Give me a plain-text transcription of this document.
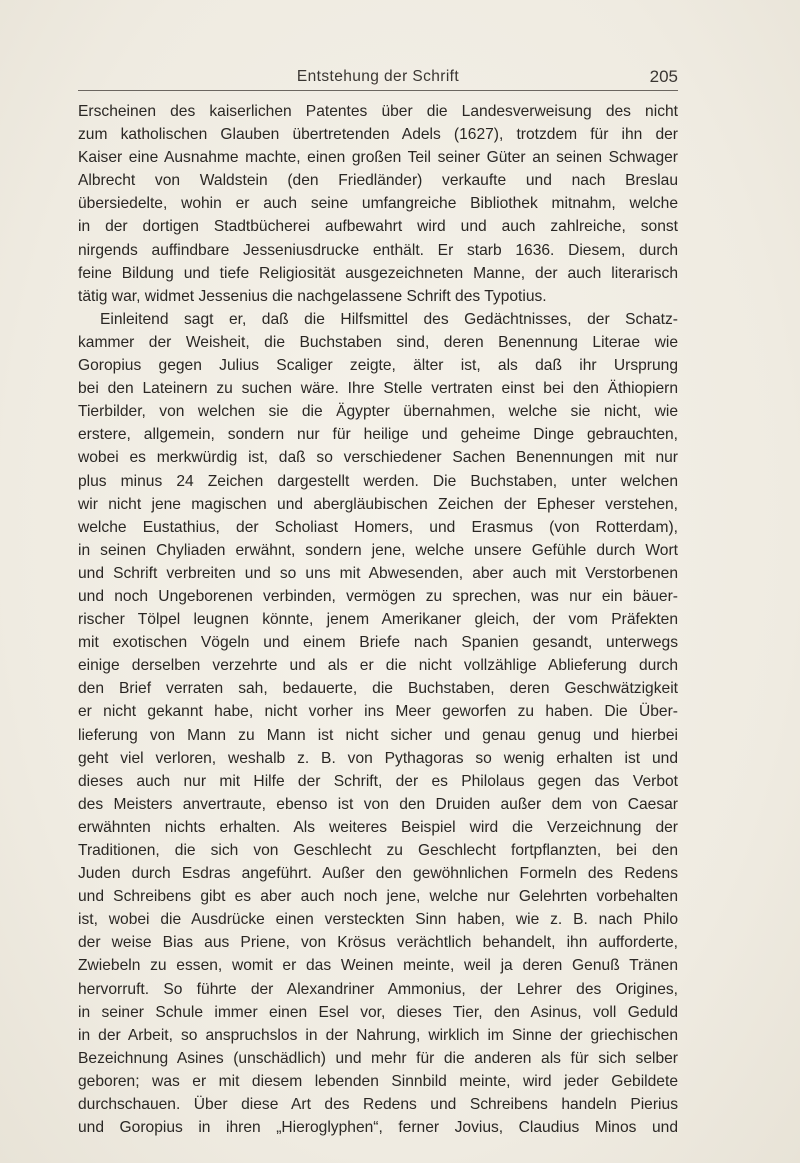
Entstehung der Schrift	205
Erscheinen des kaiserlichen Patentes über die Landesverweisung des nicht
zum katholischen Glauben übertretenden Adels (1627), trotzdem für ihn der
Kaiser eine Ausnahme machte, einen großen Teil seiner Güter an seinen Schwager
Albrecht von Waldstein (den Friedländer) verkaufte und nach Breslau
übersiedelte, wohin er auch seine umfangreiche Bibliothek mitnahm, welche
in der dortigen Stadtbücherei aufbewahrt wird und auch zahlreiche, sonst
nirgends auffindbare Jesseniusdrucke enthält. Er starb 1636. Diesem, durch
feine Bildung und tiefe Religiosität ausgezeichneten Manne, der auch literarisch
tätig war, widmet Jessenius die nachgelassene Schrift des Typotius.
Einleitend sagt er, daß die Hilfsmittel des Gedächtnisses, der Schatz-
kammer der Weisheit, die Buchstaben sind, deren Benennung Literae wie
Goropius gegen Julius Scaliger zeigte, älter ist, als daß ihr Ursprung
bei den Lateinern zu suchen wäre. Ihre Stelle vertraten einst bei den Äthiopiern
Tierbilder, von welchen sie die Ägypter übernahmen, welche sie nicht, wie
erstere, allgemein, sondern nur für heilige und geheime Dinge gebrauchten,
wobei es merkwürdig ist, daß so verschiedener Sachen Benennungen mit nur
plus minus 24 Zeichen dargestellt werden. Die Buchstaben, unter welchen
wir nicht jene magischen und abergläubischen Zeichen der Epheser verstehen,
welche Eustathius, der Scholiast Homers, und Erasmus (von Rotterdam),
in seinen Chyliaden erwähnt, sondern jene, welche unsere Gefühle durch Wort
und Schrift verbreiten und so uns mit Abwesenden, aber auch mit Verstorbenen
und noch Ungeborenen verbinden, vermögen zu sprechen, was nur ein bäuer-
rischer Tölpel leugnen könnte, jenem Amerikaner gleich, der vom Präfekten
mit exotischen Vögeln und einem Briefe nach Spanien gesandt, unterwegs
einige derselben verzehrte und als er die nicht vollzählige Ablieferung durch
den Brief verraten sah, bedauerte, die Buchstaben, deren Geschwätzigkeit
er nicht gekannt habe, nicht vorher ins Meer geworfen zu haben. Die Über-
lieferung von Mann zu Mann ist nicht sicher und genau genug und hierbei
geht viel verloren, weshalb z. B. von Pythagoras so wenig erhalten ist und
dieses auch nur mit Hilfe der Schrift, der es Philolaus gegen das Verbot
des Meisters anvertraute, ebenso ist von den Druiden außer dem von Caesar
erwähnten nichts erhalten. Als weiteres Beispiel wird die Verzeichnung der
Traditionen, die sich von Geschlecht zu Geschlecht fortpflanzten, bei den
Juden durch Esdras angeführt. Außer den gewöhnlichen Formeln des Redens
und Schreibens gibt es aber auch noch jene, welche nur Gelehrten vorbehalten
ist, wobei die Ausdrücke einen versteckten Sinn haben, wie z. B. nach Philo
der weise Bias aus Priene, von Krösus verächtlich behandelt, ihn aufforderte,
Zwiebeln zu essen, womit er das Weinen meinte, weil ja deren Genuß Tränen
hervorruft. So führte der Alexandriner Ammonius, der Lehrer des Origines,
in seiner Schule immer einen Esel vor, dieses Tier, den Asinus, voll Geduld
in der Arbeit, so anspruchslos in der Nahrung, wirklich im Sinne der griechischen
Bezeichnung Asines (unschädlich) und mehr für die anderen als für sich selber
geboren; was er mit diesem lebenden Sinnbild meinte, wird jeder Gebildete
durchschauen. Über diese Art des Redens und Schreibens handeln Pierius
und Goropius in ihren „Hieroglyphen“, ferner Jovius, Claudius Minos und
